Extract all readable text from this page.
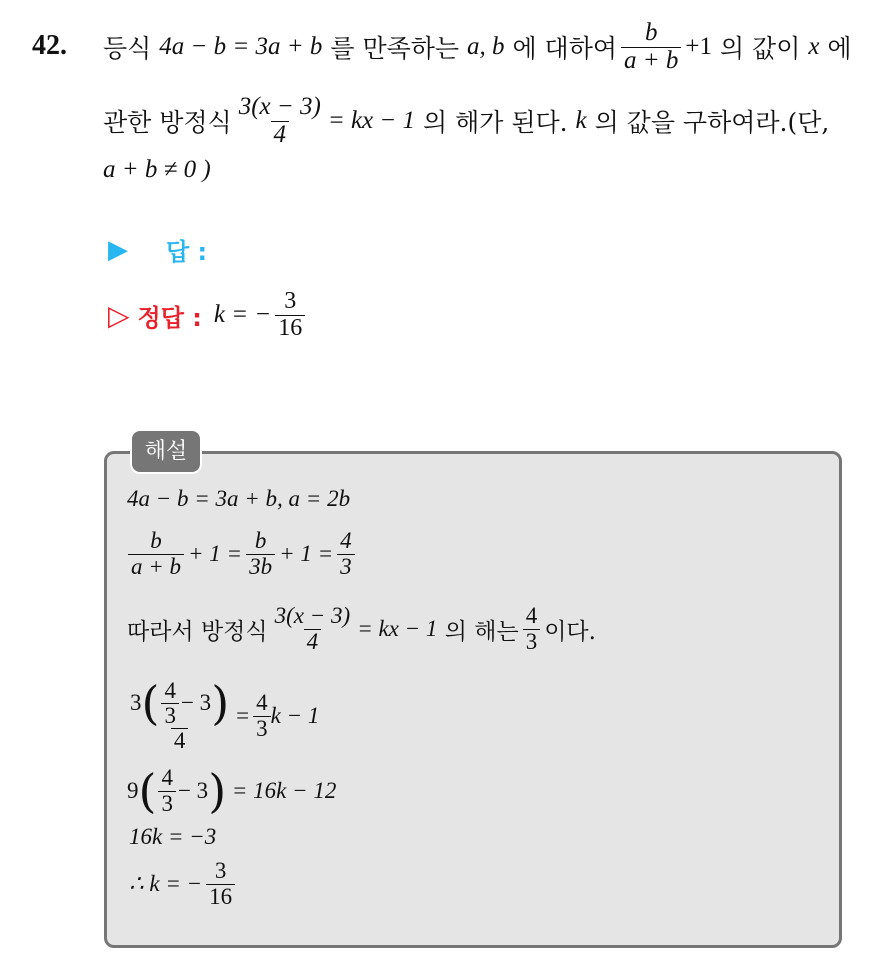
42. 등식
4a − b = 3a + b
를 만족하는
a, b
에 대하여 $\frac{b}{a + b} +1$
의 값이
x
에
관한 방정식 $\frac{3(x - 3)}{4}$ = kx − 1
의 해가 된다.
k
의 값을 구하여라.(단,
a + b ≠ 0 )
▶ 답 :
▷ 정답 : k = − $\frac{3}{16}$
해설
4a − b = 3a + b, a = 2b
$\frac{b}{a + b} + 1 = \frac{b}{3b} + 1 = \frac{4}{3}$
따라서 방정식 $\frac{3(x - 3)}{4}$ = kx − 1
의 해는 $\frac{4}{3}$ 이다.
3 ( $\frac{4}{3} - 3$ )
4
= $\frac{4}{3}$ k − 1
9 ( $\frac{4}{3} - 3$ )
= 16k − 12
16k = −3
∴ k = − $\frac{3}{16}$
